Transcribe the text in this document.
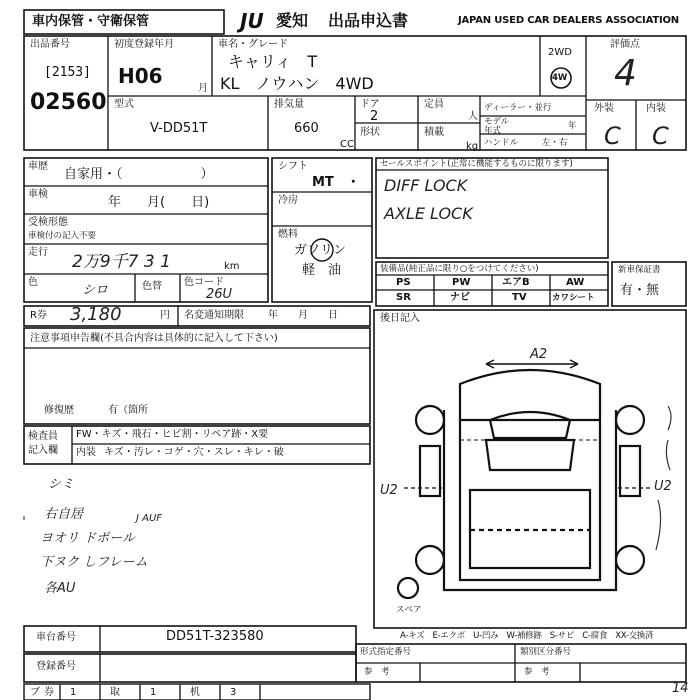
車内保管・守衛保管	JU 愛知 出品申込書	JAPAN USED CAR DEALERS ASSOCIATION
出品番号
[2153]
02560
初度登録年月
H06
月
車名・グレード
キャリィ　T
KL　ノウハン　4WD
2WD
4W
評価点
4
外装	内装
C C
型式
V-DD51T
排気量
660
CC
ドア
2
定員
人
形状	積載
kg
ディーラー・並行
モデル
年式	年
ハンドル	左・右
車歴
自家用・（　　　　　　）
車検
年　　月(　　日)
受検形態
車検付の記入不要
走行 2万9千7 3 1	km
色
シロ	色替 色コード
26U
シフト
MT　・
冷房
燃料
ガソリン
軽　油
セールスポイント(正常に機能するものに限ります)
DIFF LOCK
AXLE LOCK
装備品(純正品に限り○をつけてください)
PS	PW	エアB	AW
SR	ナビ	TV	カワシート
新車保証書
有・無
R券 3,180	円 名変通知期限 年　　月　　日	後日記入
注意事項申告欄(不具合内容は具体的に記入して下さい)
修復歴	有（箇所
検査員
記入欄
FW・キズ・飛石・ヒビ割・リペア跡・X要
内装 キズ・汚レ・コゲ・穴・スレ・キレ・破
シミ
右自居
ヨオリ ドポール
下ヌク しフレーム
各AU
J AUF
A2
U2	U2
スペア
A-キズ　E-エクボ　U-凹み　W-補修跡　S-サビ　C-腐食　XX-交換済
車台番号	DD51T-323580
登録番号
形式指定番号	類別区分番号
参　考	参　考
ブ 券 1	取	1	机	3	14
